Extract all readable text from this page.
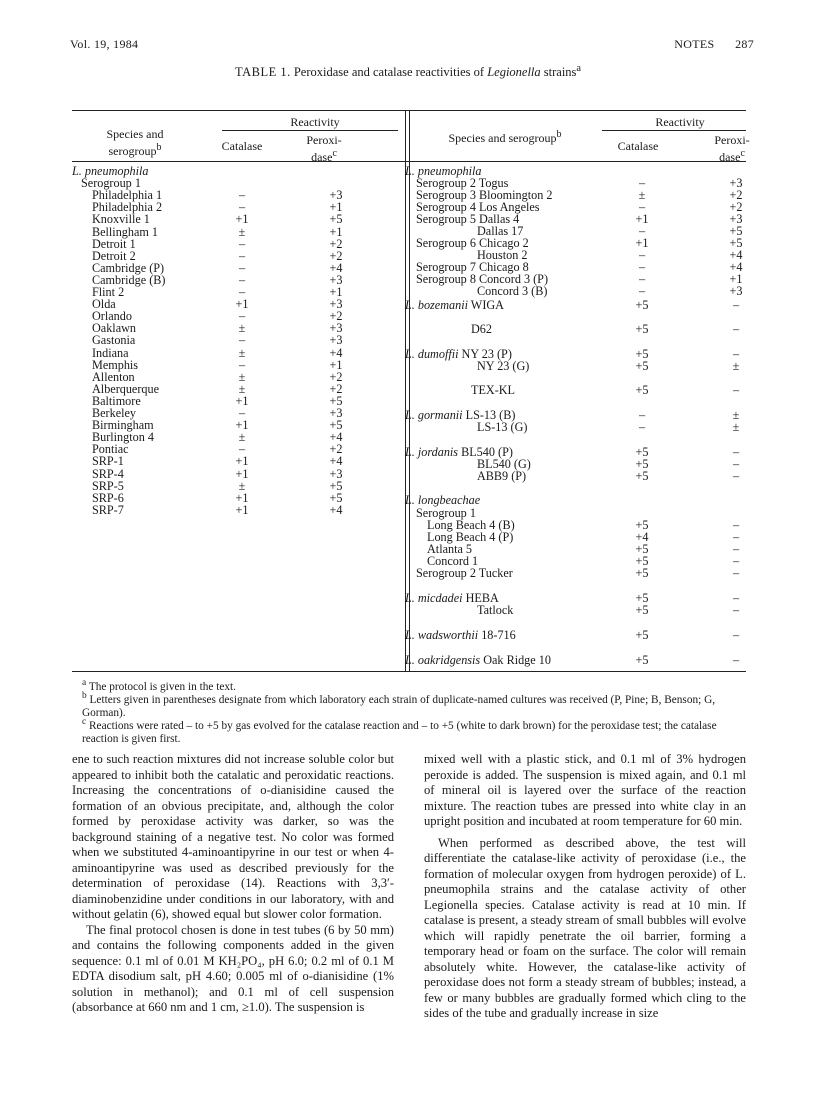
Vol. 19, 1984	NOTES 287
TABLE 1. Peroxidase and catalase reactivities of Legionella strains$^a$
Species and serogroup$^b$
Reactivity
Catalase	Peroxi-dase$^c$
Species and serogroup$^b$
Reactivity
Catalase	Peroxi-dase$^c$
L. pneumophila
Serogroup 1
Philadelphia 1	–	+3
Philadelphia 2	–	+1
Knoxville 1	+1	+5
Bellingham 1	±	+1
Detroit 1	–	+2
Detroit 2	–	+2
Cambridge (P)	–	+4
Cambridge (B)	–	+3
Flint 2	–	+1
Olda	+1	+3
Orlando	–	+2
Oaklawn	±	+3
Gastonia	–	+3
Indiana	±	+4
Memphis	–	+1
Allenton	±	+2
Alberquerque	±	+2
Baltimore	+1	+5
Berkeley	–	+3
Birmingham	+1	+5
Burlington 4	±	+4
Pontiac	–	+2
SRP-1	+1	+4
SRP-4	+1	+3
SRP-5	±	+5
SRP-6	+1	+5
SRP-7	+1	+4
L. pneumophila
Serogroup 2 Togus	–	+3
Serogroup 3 Bloomington 2	±	+2
Serogroup 4 Los Angeles	–	+2
Serogroup 5 Dallas 4	+1	+3
Dallas 17	–	+5
Serogroup 6 Chicago 2	+1	+5
Houston 2	–	+4
Serogroup 7 Chicago 8	–	+4
Serogroup 8 Concord 3 (P)	–	+1
Concord 3 (B)	–	+3
L. bozemanii WIGA	+5	–
D62	+5	–
L. dumoffii NY 23 (P)	+5	–
NY 23 (G)	+5	±
TEX-KL	+5	–
L. gormanii LS-13 (B)	–	±
LS-13 (G)	–	±
L. jordanis BL540 (P)	+5	–
BL540 (G)	+5	–
ABB9 (P)	+5	–
L. longbeachae
Serogroup 1
Long Beach 4 (B)	+5	–
Long Beach 4 (P)	+4	–
Atlanta 5	+5	–
Concord 1	+5	–
Serogroup 2 Tucker	+5	–
L. micdadei HEBA	+5	–
Tatlock	+5	–
L. wadsworthii 18-716	+5	–
L. oakridgensis Oak Ridge 10	+5	–
$^a$ The protocol is given in the text.
$^b$ Letters given in parentheses designate from which laboratory each strain of duplicate-named cultures was received (P, Pine; B, Benson; G, Gorman).
$^c$ Reactions were rated – to +5 by gas evolved for the catalase reaction and – to +5 (white to dark brown) for the peroxidase test; the catalase reaction is given first.

ene to such reaction mixtures did not increase soluble color but appeared to inhibit both the catalatic and peroxidatic reactions. Increasing the concentrations of o-dianisidine caused the formation of an obvious precipitate, and, although the color formed by peroxidase activity was darker, so was the background staining of a negative test. No color was formed when we substituted 4-aminoantipyrine in our test or when 4-aminoantipyrine was used as described previously for the determination of peroxidase (14). Reactions with 3,3′-diaminobenzidine under conditions in our laboratory, with and without gelatin (6), showed equal but slower color formation.

The final protocol chosen is done in test tubes (6 by 50 mm) and contains the following components added in the given sequence: 0.1 ml of 0.01 M KH₂PO₄, pH 6.0; 0.2 ml of 0.1 M EDTA disodium salt, pH 4.60; 0.005 ml of o-dianisidine (1% solution in methanol); and 0.1 ml of cell suspension (absorbance at 660 nm and 1 cm, ≥1.0). The suspension is

mixed well with a plastic stick, and 0.1 ml of 3% hydrogen peroxide is added. The suspension is mixed again, and 0.1 ml of mineral oil is layered over the surface of the reaction mixture. The reaction tubes are pressed into white clay in an upright position and incubated at room temperature for 60 min.

When performed as described above, the test will differentiate the catalase-like activity of peroxidase (i.e., the formation of molecular oxygen from hydrogen peroxide) of L. pneumophila strains and the catalase activity of other Legionella species. Catalase activity is read at 10 min. If catalase is present, a steady stream of small bubbles will evolve which will rapidly penetrate the oil barrier, forming a temporary head or foam on the surface. The color will remain absolutely white. However, the catalase-like activity of peroxidase does not form a steady stream of bubbles; instead, a few or many bubbles are gradually formed which cling to the sides of the tube and gradually increase in size
